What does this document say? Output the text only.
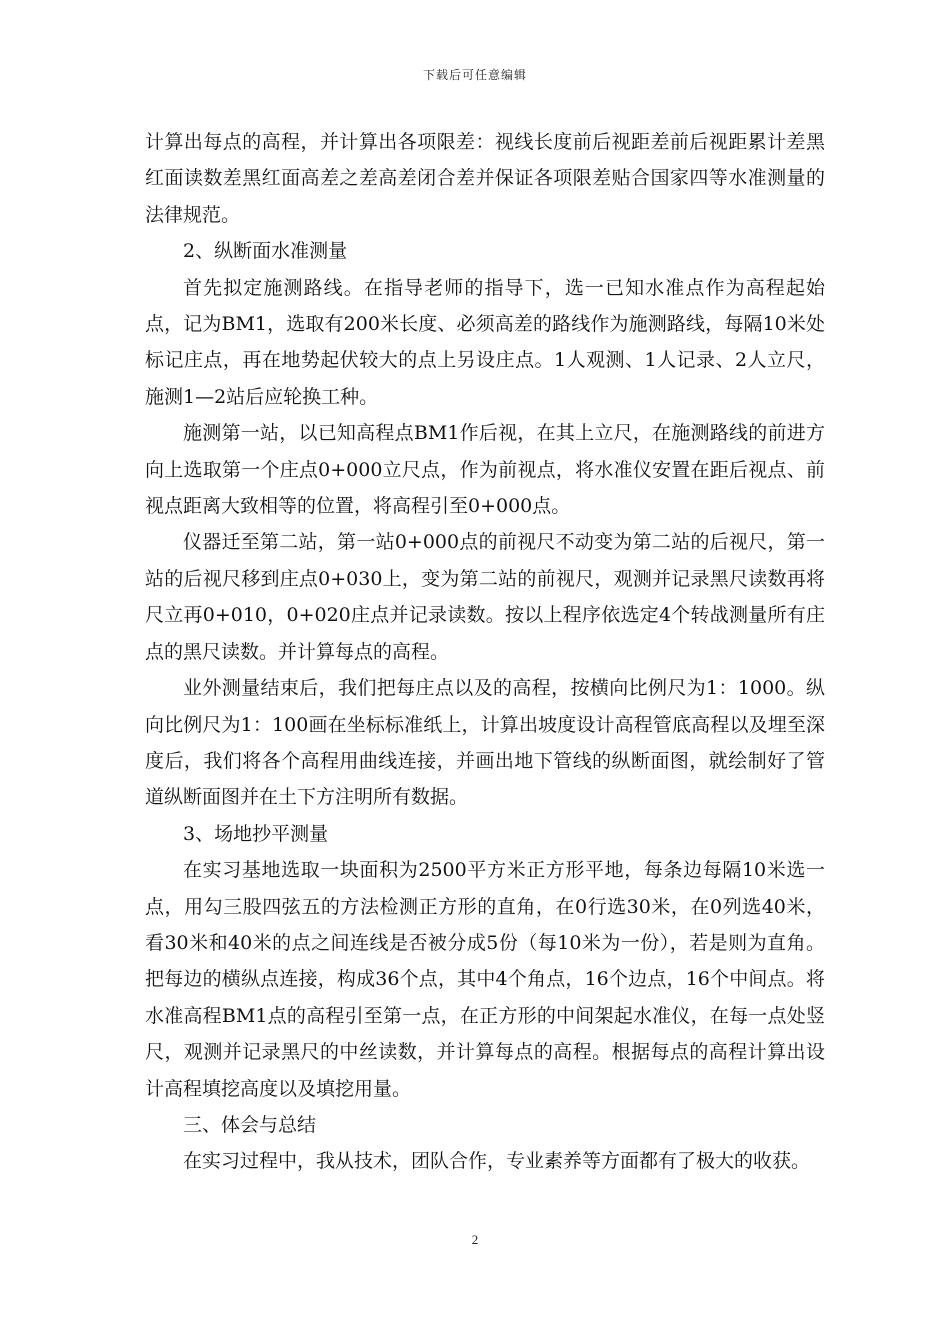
下载后可任意编辑

计算出每点的高程，并计算出各项限差：视线长度前后视距差前后视距累计差黑红面读数差黑红面高差之差高差闭合差并保证各项限差贴合国家四等水准测量的法律规范。

2、纵断面水准测量

首先拟定施测路线。在指导老师的指导下，选一已知水准点作为高程起始点，记为BM1，选取有200米长度、必须高差的路线作为施测路线，每隔10米处标记庄点，再在地势起伏较大的点上另设庄点。1人观测、1人记录、2人立尺，施测1—2站后应轮换工种。

施测第一站，以已知高程点BM1作后视，在其上立尺，在施测路线的前进方向上选取第一个庄点0+000立尺点，作为前视点，将水准仪安置在距后视点、前视点距离大致相等的位置，将高程引至0+000点。

仪器迁至第二站，第一站0+000点的前视尺不动变为第二站的后视尺，第一站的后视尺移到庄点0+030上，变为第二站的前视尺，观测并记录黑尺读数再将尺立再0+010，0+020庄点并记录读数。按以上程序依选定4个转战测量所有庄点的黑尺读数。并计算每点的高程。

业外测量结束后，我们把每庄点以及的高程，按横向比例尺为1：1000。纵向比例尺为1：100画在坐标标准纸上，计算出坡度设计高程管底高程以及埋至深度后，我们将各个高程用曲线连接，并画出地下管线的纵断面图，就绘制好了管道纵断面图并在土下方注明所有数据。

3、场地抄平测量

在实习基地选取一块面积为2500平方米正方形平地，每条边每隔10米选一点，用勾三股四弦五的方法检测正方形的直角，在0行选30米，在0列选40米，看30米和40米的点之间连线是否被分成5份（每10米为一份），若是则为直角。把每边的横纵点连接，构成36个点，其中4个角点，16个边点，16个中间点。将水准高程BM1点的高程引至第一点，在正方形的中间架起水准仪，在每一点处竖尺，观测并记录黑尺的中丝读数，并计算每点的高程。根据每点的高程计算出设计高程填挖高度以及填挖用量。

三、体会与总结

在实习过程中，我从技术，团队合作，专业素养等方面都有了极大的收获。

2
